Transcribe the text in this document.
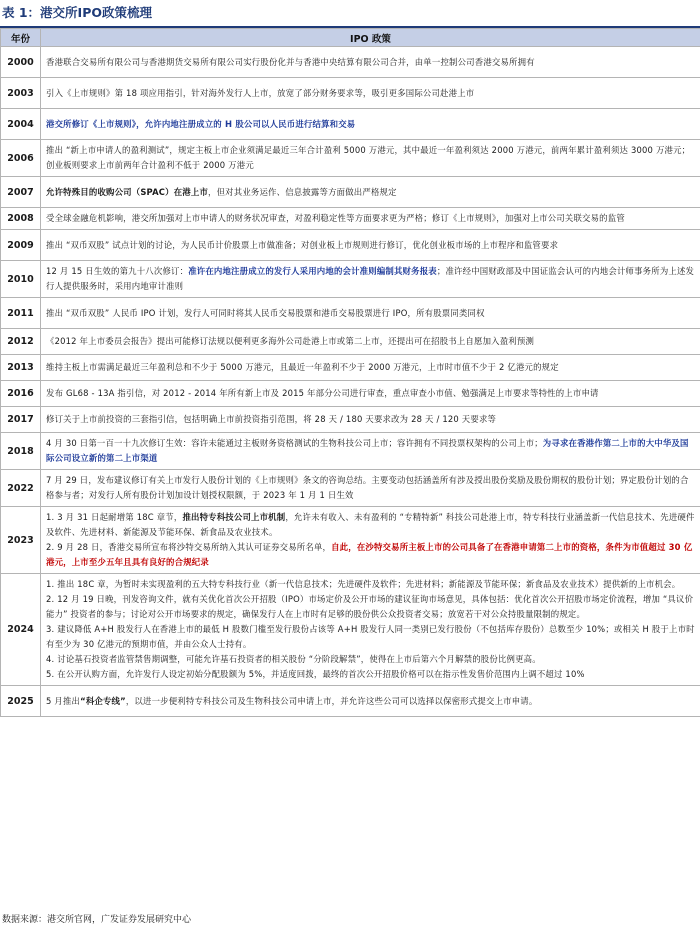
表 1：港交所IPO政策梳理
年份	IPO 政策
2000	香港联合交易所有限公司与香港期货交易所有限公司实行股份化并与香港中央结算有限公司合并，由单一控制公司香港交易所拥有
2003	引入《上市规则》第 18 项应用指引，针对海外发行人上市，放宽了部分财务要求等，吸引更多国际公司赴港上市
2004	港交所修订《上市规则》，允许内地注册成立的 H 股公司以人民币进行结算和交易
2006	推出 “新上市申请人的盈利测试”，规定主板上市企业须满足最近三年合计盈利 5000 万港元，其中最近一年盈利须达 2000 万港元，前两年累计盈利须达 3000 万港元；创业板则要求上市前两年合计盈利不低于 2000 万港元
2007	允许特殊目的收购公司（SPAC）在港上市，但对其业务运作、信息披露等方面做出严格规定
2008	受全球金融危机影响，港交所加强对上市申请人的财务状况审查，对盈利稳定性等方面要求更为严格；修订《上市规则》，加强对上市公司关联交易的监管
2009	推出 “双币双股” 试点计划的讨论，为人民币计价股票上市做准备；对创业板上市规则进行修订，优化创业板市场的上市程序和监管要求
2010	12 月 15 日生效的第九十八次修订：准许在内地注册成立的发行人采用内地的会计准则编制其财务报表；准许经中国财政部及中国证监会认可的内地会计师事务所为上述发行人提供服务时，采用内地审计准则
2011	推出 “双币双股” 人民币 IPO 计划，发行人可同时将其人民币交易股票和港币交易股票进行 IPO，所有股票同类同权
2012	《2012 年上市委员会报告》提出可能修订法规以便利更多海外公司赴港上市或第二上市，还提出可在招股书上自愿加入盈利预测
2013	维持主板上市需满足最近三年盈利总和不少于 5000 万港元，且最近一年盈利不少于 2000 万港元，上市时市值不少于 2 亿港元的规定
2016	发布 GL68 - 13A 指引信，对 2012 - 2014 年所有新上市及 2015 年部分公司进行审查，重点审查小市值、勉强满足上市要求等特性的上市申请
2017	修订关于上市前投资的三套指引信，包括明确上市前投资指引范围，将 28 天 / 180 天要求改为 28 天 / 120 天要求等
2018	4 月 30 日第一百一十九次修订生效：容许未能通过主板财务资格测试的生物科技公司上市；容许拥有不同投票权架构的公司上市；为寻求在香港作第二上市的大中华及国际公司设立新的第二上市渠道
2022	7 月 29 日，发布建议修订有关上市发行人股份计划的《上市规则》条文的咨询总结。主要变动包括涵盖所有涉及授出股份奖励及股份期权的股份计划；界定股份计划的合格参与者；对发行人所有股份计划加设计划授权限额，于 2023 年 1 月 1 日生效
2023	1. 3 月 31 日起耐增第 18C 章节，推出特专科技公司上市机制，允许未有收入、未有盈利的 “专精特新” 科技公司赴港上市，特专科技行业涵盖新一代信息技术、先进硬件及软件、先进材料、新能源及节能环保、新食品及农业技术。
2. 9 月 28 日，香港交易所宣布将沙特交易所纳入其认可证券交易所名单，自此，在沙特交易所主板上市的公司具备了在香港申请第二上市的资格，条件为市值超过 30 亿港元，上市至少五年且具有良好的合规纪录

2024	1. 推出 18C 章，为暂时未实现盈利的五大特专科技行业（新一代信息技术；先进硬件及软件；先进材料；新能源及节能环保；新食品及农业技术）提供新的上市机会。
2. 12 月 19 日晚，刊发咨询文件，就有关优化首次公开招股（IPO）市场定价及公开市场的建议征询市场意见，具体包括：优化首次公开招股市场定价流程，增加 “具议价能力” 投资者的参与；讨论对公开市场要求的规定，确保发行人在上市时有足够的股份供公众投资者交易；放宽若干对公众持股量限制的规定。
3. 建议降低 A+H 股发行人在香港上市的最低 H 股数门槛至发行股份占该等 A+H 股发行人同一类别已发行股份（不包括库存股份）总数至少 10%；或相关 H 股于上市时有至少为 30 亿港元的预期市值，并由公众人士持有。
4. 讨论基石投资者监管禁售期调整，可能允许基石投资者的相关股份 “分阶段解禁”，使得在上市后第六个月解禁的股份比例更高。
5. 在公开认购方面，允许发行人设定初始分配股额为 5%，并适度回拨，最终的首次公开招股价格可以在指示性发售价范围内上调不超过 10%

2025	5 月推出“科企专线”，以进一步便利特专科技公司及生物科技公司申请上市，并允许这些公司可以选择以保密形式提交上市申请。
数据来源：港交所官网，广发证券发展研究中心
